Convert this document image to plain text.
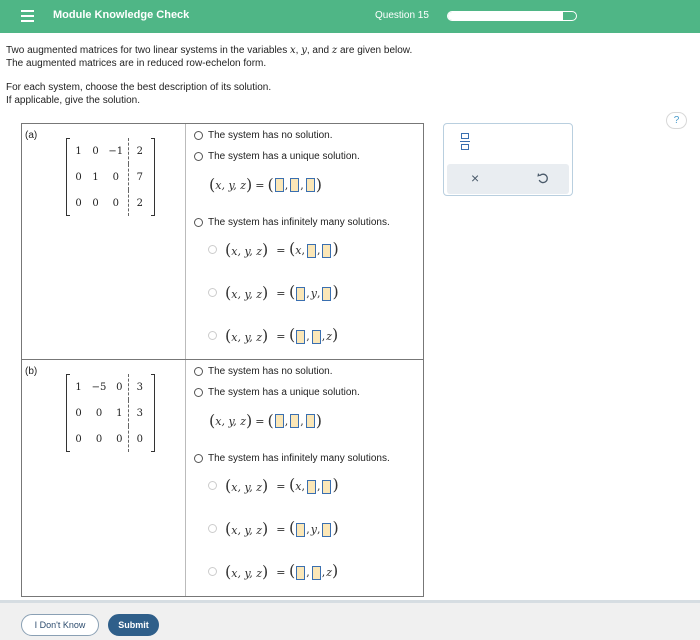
Module Knowledge Check	Question 15

Two augmented matrices for two linear systems in the variables x, y, and z are given below.

The augmented matrices are in reduced row-echelon form.

For each system, choose the best description of its solution.

If applicable, give the solution.

?
(a)
1	0	−1	2
0	1	0	7
0	0	0	2
The system has no solution.
The system has a unique solution.
( x, y, z ) = ( , , )
The system has infinitely many solutions.
(x, y, z) = (x, , )
(x, y, z) = ( ,y, )
(x, y, z) = ( , ,z)
(b)
1	−5	0	3
0	0	1	3
0	0	0	0
The system has no solution.
The system has a unique solution.
( x, y, z ) = ( , , )
The system has infinitely many solutions.
(x, y, z) = (x, , )
(x, y, z) = ( ,y, )
(x, y, z) = ( , ,z)
×
I Don't Know	Submit
